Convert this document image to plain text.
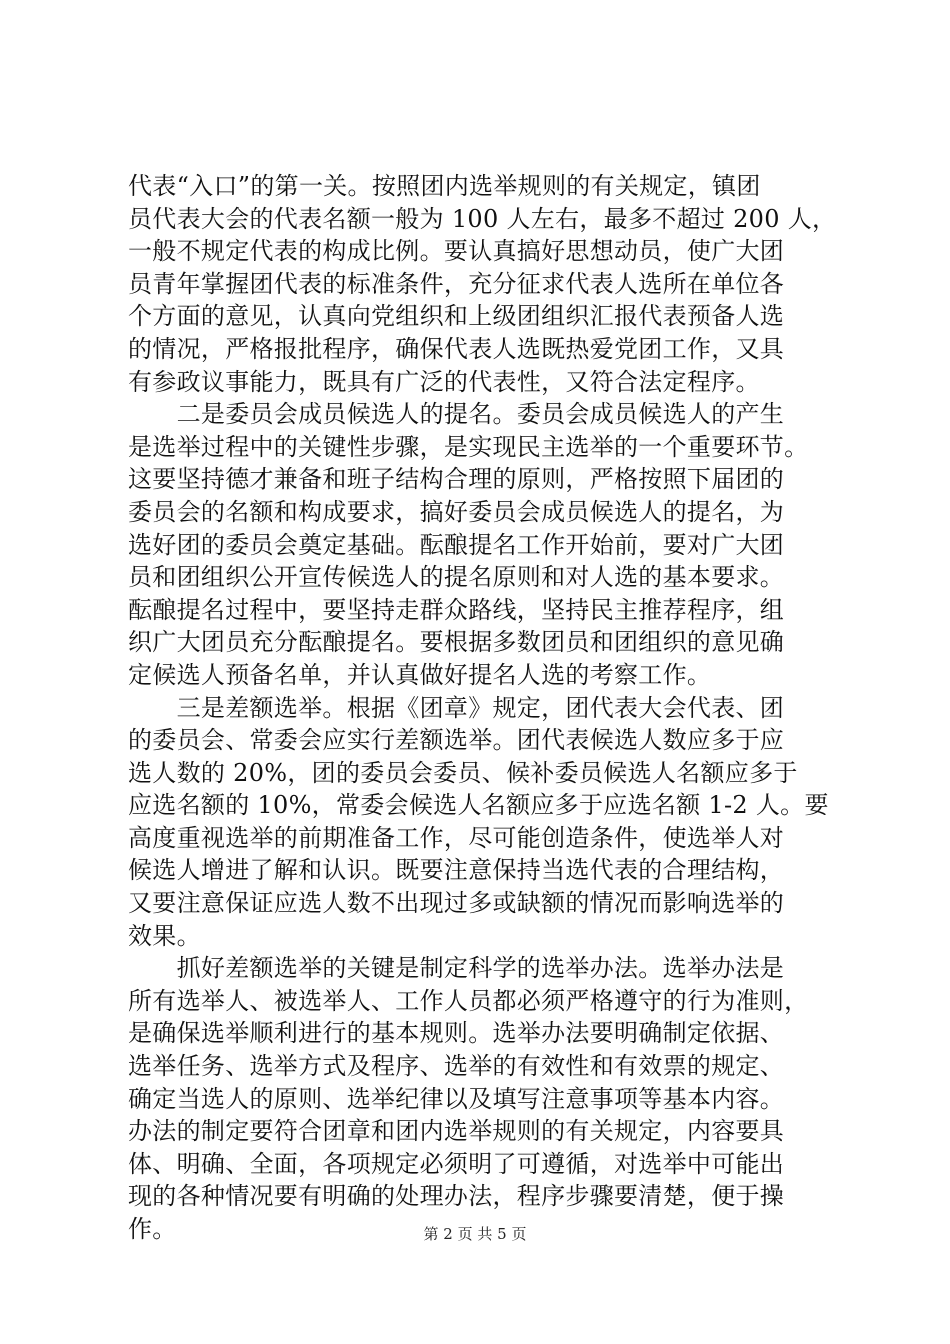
代表“入口”的第一关。按照团内选举规则的有关规定，镇团
员代表大会的代表名额一般为 100 人左右，最多不超过 200 人，
一般不规定代表的构成比例。要认真搞好思想动员，使广大团
员青年掌握团代表的标准条件，充分征求代表人选所在单位各
个方面的意见，认真向党组织和上级团组织汇报代表预备人选
的情况，严格报批程序，确保代表人选既热爱党团工作，又具
有参政议事能力，既具有广泛的代表性，又符合法定程序。
　　二是委员会成员候选人的提名。委员会成员候选人的产生
是选举过程中的关键性步骤，是实现民主选举的一个重要环节。
这要坚持德才兼备和班子结构合理的原则，严格按照下届团的
委员会的名额和构成要求，搞好委员会成员候选人的提名，为
选好团的委员会奠定基础。酝酿提名工作开始前，要对广大团
员和团组织公开宣传候选人的提名原则和对人选的基本要求。
酝酿提名过程中，要坚持走群众路线，坚持民主推荐程序，组
织广大团员充分酝酿提名。要根据多数团员和团组织的意见确
定候选人预备名单，并认真做好提名人选的考察工作。
　　三是差额选举。根据《团章》规定，团代表大会代表、团
的委员会、常委会应实行差额选举。团代表候选人数应多于应
选人数的 20%，团的委员会委员、候补委员候选人名额应多于
应选名额的 10%，常委会候选人名额应多于应选名额 1-2 人。要
高度重视选举的前期准备工作，尽可能创造条件，使选举人对
候选人增进了解和认识。既要注意保持当选代表的合理结构，
又要注意保证应选人数不出现过多或缺额的情况而影响选举的
效果。
　　抓好差额选举的关键是制定科学的选举办法。选举办法是
所有选举人、被选举人、工作人员都必须严格遵守的行为准则，
是确保选举顺利进行的基本规则。选举办法要明确制定依据、
选举任务、选举方式及程序、选举的有效性和有效票的规定、
确定当选人的原则、选举纪律以及填写注意事项等基本内容。
办法的制定要符合团章和团内选举规则的有关规定，内容要具
体、明确、全面，各项规定必须明了可遵循，对选举中可能出
现的各种情况要有明确的处理办法，程序步骤要清楚，便于操
作。	第 2 页 共 5 页
